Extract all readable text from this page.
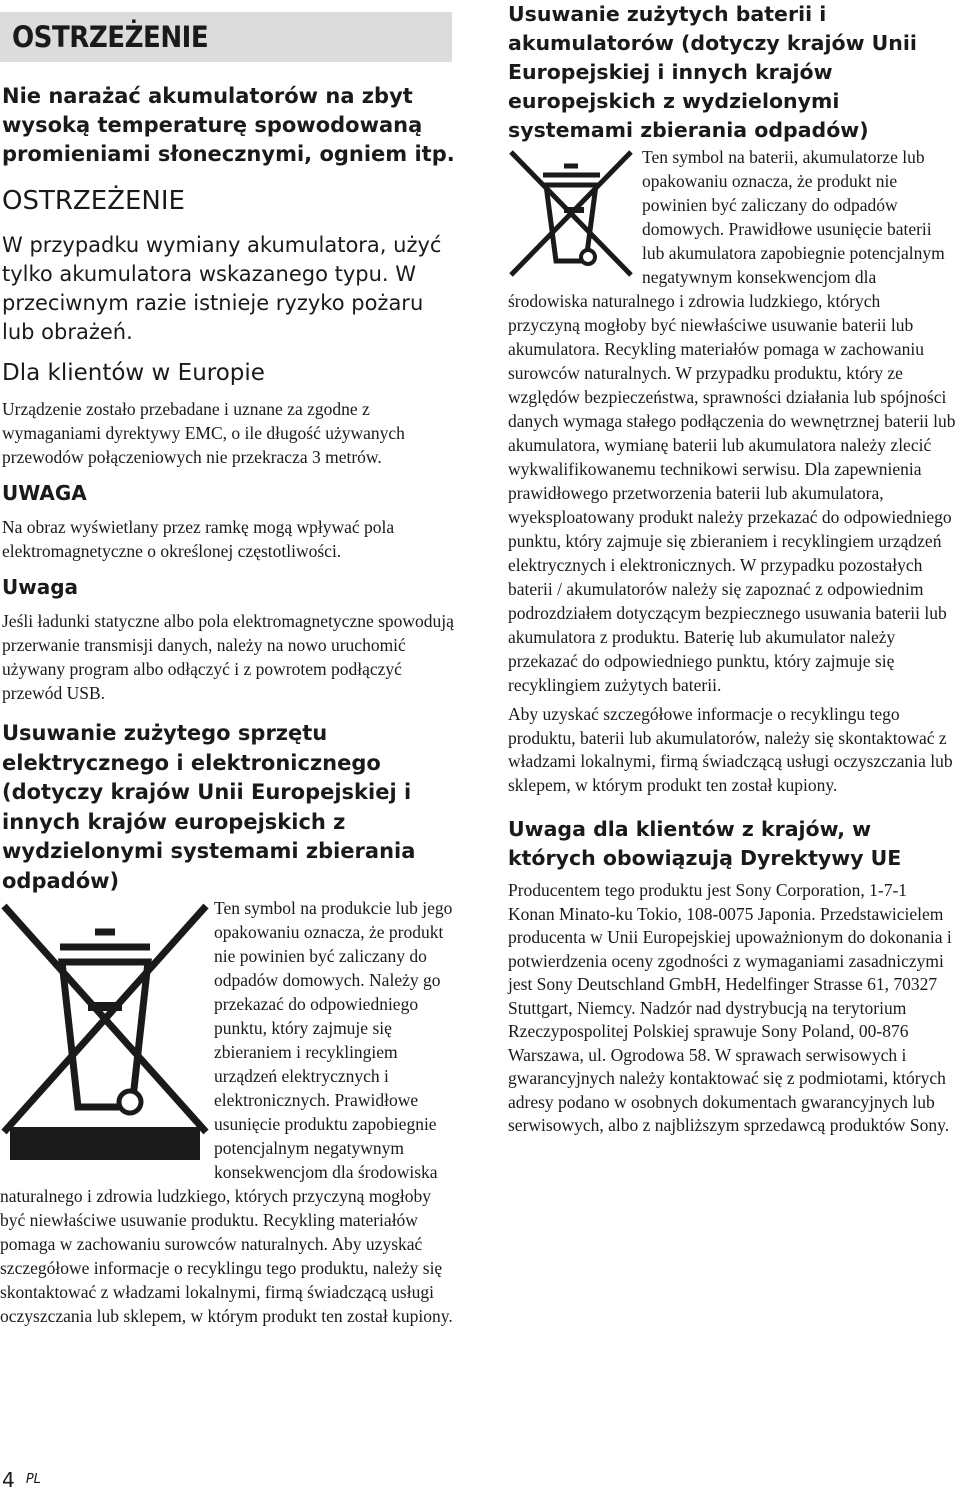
OSTRZEŻENIE
Nie narażać akumulatorów na zbyt wysoką temperaturę spowodowaną promieniami słonecznymi, ogniem itp.
OSTRZEŻENIE
W przypadku wymiany akumulatora, użyć tylko akumulatora wskazanego typu. W przeciwnym razie istnieje ryzyko pożaru lub obrażeń.
Dla klientów w Europie
Urządzenie zostało przebadane i uznane za zgodne z wymaganiami dyrektywy EMC, o ile długość używanych przewodów połączeniowych nie przekracza 3 metrów.
UWAGA
Na obraz wyświetlany przez ramkę mogą wpływać pola elektromagnetyczne o określonej częstotliwości.
Uwaga
Jeśli ładunki statyczne albo pola elektromagnetyczne spowodują przerwanie transmisji danych, należy na nowo uruchomić używany program albo odłączyć i z powrotem podłączyć przewód USB.
Usuwanie zużytego sprzętu elektrycznego i elektronicznego (dotyczy krajów Unii Europejskiej i innych krajów europejskich z wydzielonymi systemami zbierania odpadów)
Ten symbol na produkcie lub jego opakowaniu oznacza, że produkt nie powinien być zaliczany do odpadów domowych. Należy go przekazać do odpowiedniego punktu, który zajmuje się zbieraniem i recyklingiem urządzeń elektrycznych i elektronicznych. Prawidłowe usunięcie produktu zapobiegnie potencjalnym negatywnym konsekwencjom dla środowiska naturalnego i zdrowia ludzkiego, których przyczyną mogłoby być niewłaściwe usuwanie produktu. Recykling materiałów pomaga w zachowaniu surowców naturalnych. Aby uzyskać szczegółowe informacje o recyklingu tego produktu, należy się skontaktować z władzami lokalnymi, firmą świadczącą usługi oczyszczania lub sklepem, w którym produkt ten został kupiony.
Usuwanie zużytych baterii i akumulatorów (dotyczy krajów Unii Europejskiej i innych krajów europejskich z wydzielonymi systemami zbierania odpadów)
Ten symbol na baterii, akumulatorze lub opakowaniu oznacza, że produkt nie powinien być zaliczany do odpadów domowych. Prawidłowe usunięcie baterii lub akumulatora zapobiegnie potencjalnym negatywnym konsekwencjom dla środowiska naturalnego i zdrowia ludzkiego, których przyczyną mogłoby być niewłaściwe usuwanie baterii lub akumulatora. Recykling materiałów pomaga w zachowaniu surowców naturalnych. W przypadku produktu, który ze względów bezpieczeństwa, sprawności działania lub spójności danych wymaga stałego podłączenia do wewnętrznej baterii lub akumulatora, wymianę baterii lub akumulatora należy zlecić wykwalifikowanemu technikowi serwisu. Dla zapewnienia prawidłowego przetworzenia baterii lub akumulatora, wyeksploatowany produkt należy przekazać do odpowiedniego punktu, który zajmuje się zbieraniem i recyklingiem urządzeń elektrycznych i elektronicznych. W przypadku pozostałych baterii / akumulatorów należy się zapoznać z odpowiednim podrozdziałem dotyczącym bezpiecznego usuwania baterii lub akumulatora z produktu. Baterię lub akumulator należy przekazać do odpowiedniego punktu, który zajmuje się recyklingiem zużytych baterii.
Aby uzyskać szczegółowe informacje o recyklingu tego produktu, baterii lub akumulatorów, należy się skontaktować z władzami lokalnymi, firmą świadczącą usługi oczyszczania lub sklepem, w którym produkt ten został kupiony.
Uwaga dla klientów z krajów, w których obowiązują Dyrektywy UE
Producentem tego produktu jest Sony Corporation, 1-7-1 Konan Minato-ku Tokio, 108-0075 Japonia. Przedstawicielem producenta w Unii Europejskiej upoważnionym do dokonania i potwierdzenia oceny zgodności z wymaganiami zasadniczymi jest Sony Deutschland GmbH, Hedelfinger Strasse 61, 70327 Stuttgart, Niemcy. Nadzór nad dystrybucją na terytorium Rzeczypospolitej Polskiej sprawuje Sony Poland, 00-876 Warszawa, ul. Ogrodowa 58. W sprawach serwisowych i gwarancyjnych należy kontaktować się z podmiotami, których adresy podano w osobnych dokumentach gwarancyjnych lub serwisowych, albo z najbliższym sprzedawcą produktów Sony.
4 $^{PL}$
